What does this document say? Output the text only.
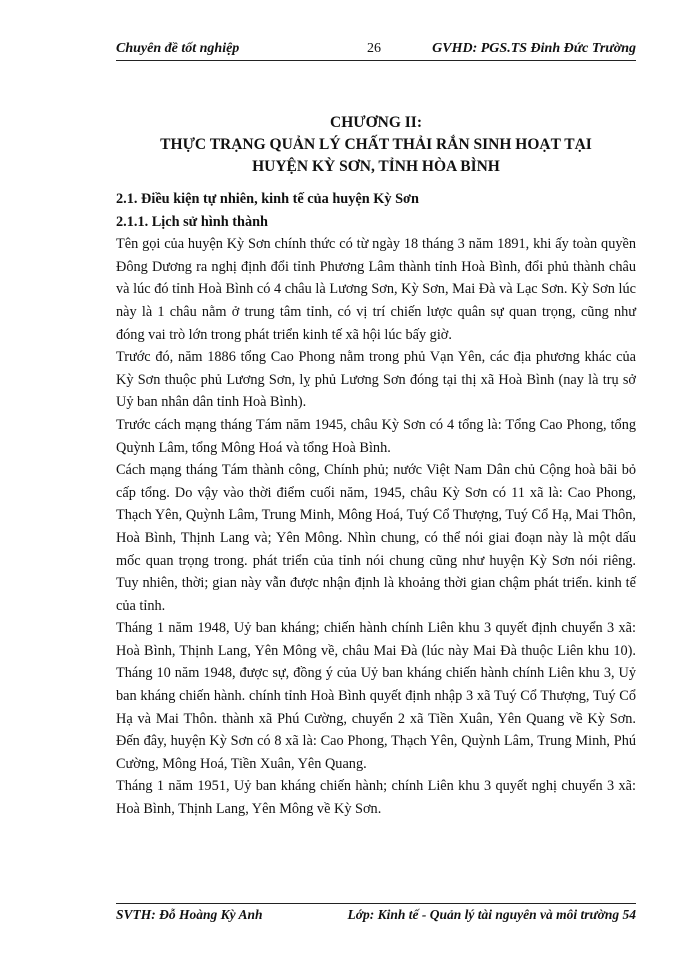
Chuyên đề tốt nghiệp	26	GVHD: PGS.TS Đinh Đức Trường
CHƯƠNG II:
THỰC TRẠNG QUẢN LÝ CHẤT THẢI RẮN SINH HOẠT TẠI
HUYỆN KỲ SƠN, TỈNH HÒA BÌNH

2.1. Điều kiện tự nhiên, kinh tế của huyện Kỳ Sơn

2.1.1. Lịch sử hình thành

Tên gọi của huyện Kỳ Sơn chính thức có từ ngày 18 tháng 3 năm 1891, khi ấy toàn quyền Đông Dương ra nghị định đổi tỉnh Phương Lâm thành tỉnh Hoà Bình, đổi phủ thành châu và lúc đó tỉnh Hoà Bình có 4 châu là Lương Sơn, Kỳ Sơn, Mai Đà và Lạc Sơn. Kỳ Sơn lúc này là 1 châu nằm ở trung tâm tỉnh, có vị trí chiến lược quân sự quan trọng, cũng như đóng vai trò lớn trong phát triển kinh tế xã hội lúc bấy giờ.

Trước đó, năm 1886 tổng Cao Phong nằm trong phủ Vạn Yên, các địa phương khác của Kỳ Sơn thuộc phủ Lương Sơn, lỵ phủ Lương Sơn đóng tại thị xã Hoà Bình (nay là trụ sở Uỷ ban nhân dân tỉnh Hoà Bình).

Trước cách mạng tháng Tám năm 1945, châu Kỳ Sơn có 4 tổng là: Tổng Cao Phong, tổng Quỳnh Lâm, tổng Mông Hoá và tổng Hoà Bình.

Cách mạng tháng Tám thành công, Chính phủ; nước Việt Nam Dân chủ Cộng hoà bãi bỏ cấp tổng. Do vậy vào thời điểm cuối năm, 1945, châu Kỳ Sơn có 11 xã là: Cao Phong, Thạch Yên, Quỳnh Lâm, Trung Minh, Mông Hoá, Tuý Cổ Thượng, Tuý Cổ Hạ, Mai Thôn, Hoà Bình, Thịnh Lang và; Yên Mông. Nhìn chung, có thể nói giai đoạn này là một dấu mốc quan trọng trong. phát triển của tỉnh nói chung cũng như huyện Kỳ Sơn nói riêng. Tuy nhiên, thời; gian này vẫn được nhận định là khoảng thời gian chậm phát triển. kinh tế của tỉnh.

Tháng 1 năm 1948, Uỷ ban kháng; chiến hành chính Liên khu 3 quyết định chuyển 3 xã: Hoà Bình, Thịnh Lang, Yên Mông về, châu Mai Đà (lúc này Mai Đà thuộc Liên khu 10). Tháng 10 năm 1948, được sự, đồng ý của Uỷ ban kháng chiến hành chính Liên khu 3, Uỷ ban kháng chiến hành. chính tỉnh Hoà Bình quyết định nhập 3 xã Tuý Cổ Thượng, Tuý Cổ Hạ và Mai Thôn. thành xã Phú Cường, chuyển 2 xã Tiền Xuân, Yên Quang về Kỳ Sơn. Đến đây, huyện Kỳ Sơn có 8 xã là: Cao Phong, Thạch Yên, Quỳnh Lâm, Trung Minh, Phú Cường, Mông Hoá, Tiền Xuân, Yên Quang.

Tháng 1 năm 1951, Uỷ ban kháng chiến hành; chính Liên khu 3 quyết nghị chuyển 3 xã: Hoà Bình, Thịnh Lang, Yên Mông về Kỳ Sơn.

SVTH: Đỗ Hoàng Kỳ Anh	Lớp: Kinh tế - Quản lý tài nguyên và môi trường 54
